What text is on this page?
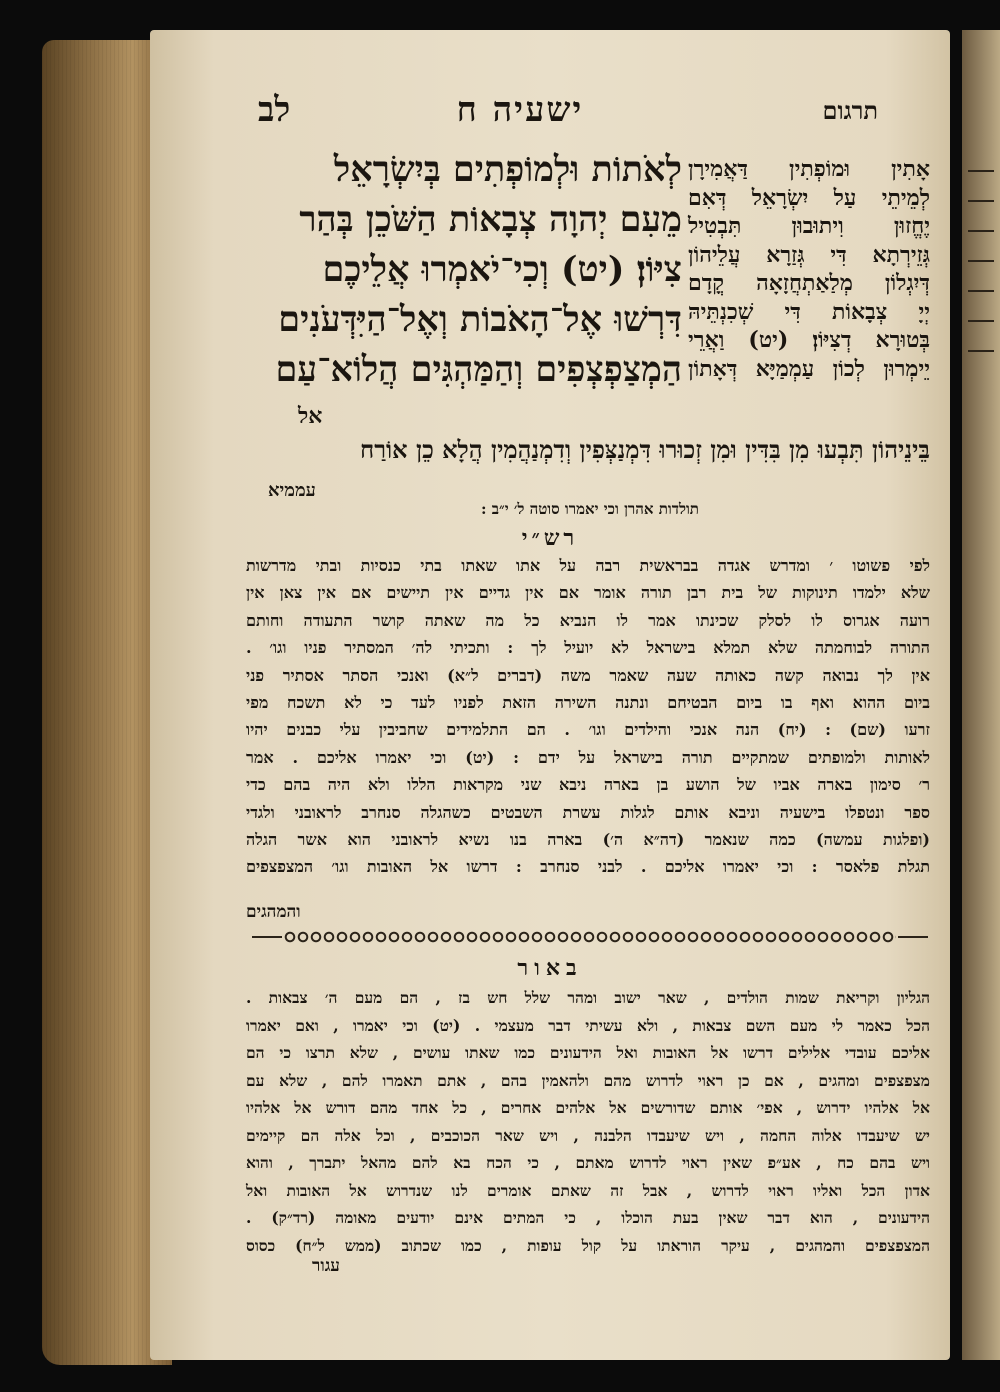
לב	ישעיה ח	תרגום
לְאֹתוֹת וּלְמוֹפְתִים בְּיִשְׂרָאֵל
מֵעִם יְהוָה צְבָאוֹת הַשֹּׁכֵן בְּהַר
צִיּוֹן׃ (יט) וְכִי־יֹאמְרוּ אֲלֵיכֶם
דִּרְשׁוּ אֶל־הָאֹבוֹת וְאֶל־הַיִּדְּעֹנִים
הַמְצַפְצְפִים וְהַמַּהְגִּים הֲלוֹא־עַם
אל
אָתִין וּמוֹפְתִין דַּאֲמִירָן
לְמֵיתֵי עַל יִשְׂרָאֵל דְּאִם
יֶחֱזוּן וִיתוּבוּן תִּבְטִיל
גְּזֵירְתָא דִּי גְּזַרָא עֲלֵיהוֹן
דְּיִגְלוֹן מְלַאַתְחֲזָאָה קֳדָם
יְיָ צְבָאוֹת דִּי שְׁכִנְתֵּיהּ
בְּטוּרָא דְצִיּוֹן׃ (יט) וַאֲרֵי
יֵימְרוּן לְכוֹן עַמְמַיָּא דְּאָתוֹן
בֵּינֵיהוֹן תִּבְעוּ מִן בִּדִּין וּמִן זְכוּרוּ דִּמְנַצְּפִין וְדִמְנַהֲמִין הֲלָא כֵן אוֹרַח
עממיא
תולדות אהרן וכי יאמרו סוטה ל׳ י״ב :
רש״י
לפי פשוטו ׳ ומדרש אגדה בבראשית רבה על אתו שאתו בתי כנסיות ובתי מדרשות
שלא ילמדו תינוקות של בית רבן תורה אומר אם אין גדיים אין תיישים אם אין צאן אין
רועה אגרוס לו לסלק שכינתו אמר לו הנביא כל מה שאתה קושר התעודה וחותם
התורה לבוחמתה שלא תמלא בישראל לא יועיל לך : ותכיתי לה׳ המסתיר פניו וגו׳ .
אין לך נבואה קשה כאותה שעה שאמר משה (דברים ל״א) ואנכי הסתר אסתיר פני
ביום ההוא ואף בו ביום הבטיחם ונתנה השירה הזאת לפניו לעד כי לא תשכח מפי
זרעו (שם) : (יח) הנה אנכי והילדים וגו׳ . הם התלמידים שחביבין עלי כבנים יהיו
לאותות ולמופתים שמתקיים תורה בישראל על ידם : (יט) וכי יאמרו אליכם . אמר
ר׳ סימון בארה אביו של הושע בן בארה ניבא שני מקראות הללו ולא היה בהם כדי
ספר ונטפלו בישעיה וניבא אותם לגלות עשרת השבטים כשהגלה סנחרב לראובני ולגדי
(ופלגות עמשה) כמה שנאמר (דה״א ה׳) בארה בנו נשיא לראובני הוא אשר הגלה
תגלת פלאסר : וכי יאמרו אליכם . לבני סנחרב : דרשו אל האובות וגו׳ המצפצפים
והמהגים
באור
הגליון וקריאת שמות הולדים , שאר ישוב ומהר שלל חש בז , הם מעם ה׳ צבאות .
הכל כאמר לי מעם השם צבאות , ולא עשיתי דבר מעצמי . (יט) וכי יאמרו , ואם יאמרו
אליכם עובדי אלילים דרשו אל האובות ואל הידעונים כמו שאתו עושים , שלא תרצו כי הם
מצפצפים ומהגים , אם כן ראוי לדרוש מהם ולהאמין בהם , אתם תאמרו להם , שלא עם
אל אלהיו ידרוש , אפי׳ אותם שדורשים אל אלהים אחרים , כל אחד מהם דורש אל אלהיו
יש שיעבדו אלוה החמה , ויש שיעבדו הלבנה , ויש שאר הכוכבים , וכל אלה הם קיימים
ויש בהם כח , אע״פ שאין ראוי לדרוש מאתם , כי הכח בא להם מהאל יתברך , והוא
אדון הכל ואליו ראוי לדרוש , אבל זה שאתם אומרים לנו שנדרוש אל האובות ואל
הידעונים , הוא דבר שאין בעת הוכלו , כי המתים אינם יודעים מאומה (רד״ק) .
המצפצפים והמהגים , עיקר הוראתו על קול עופות , כמו שכתוב (ממש ל״ח) כסוס
עגור
